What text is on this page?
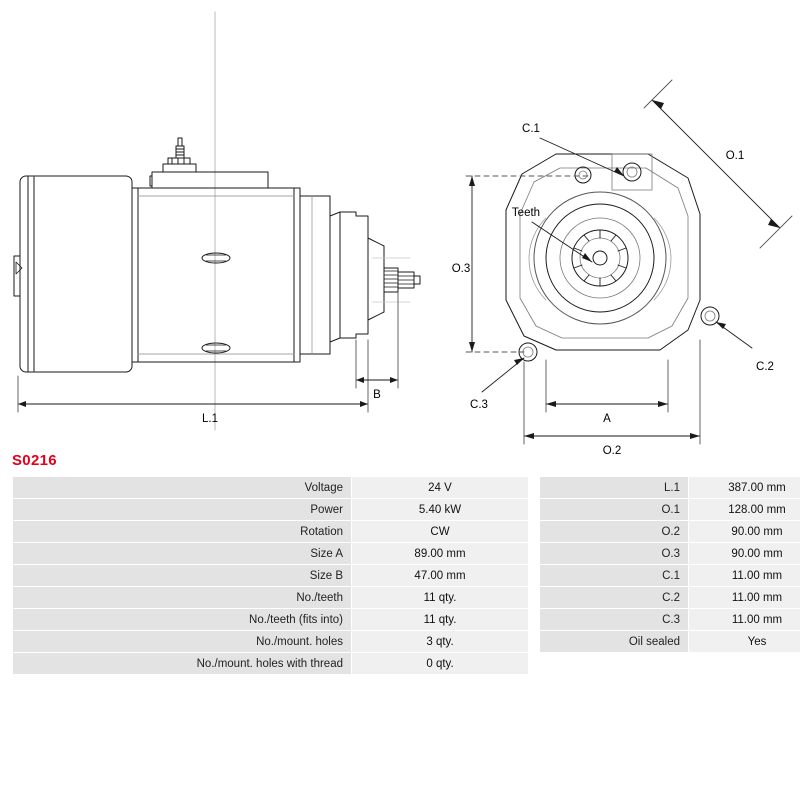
L.1
B
A
O.2
O.3
O.1
C.1
C.2
C.3
Teeth
S0216
Voltage	24 V
Power	5.40 kW
Rotation	CW
Size A	89.00 mm
Size B	47.00 mm
No./teeth	11 qty.
No./teeth (fits into)	11 qty.
No./mount. holes	3 qty.
No./mount. holes with thread	0 qty.
L.1	387.00 mm
O.1	128.00 mm
O.2	90.00 mm
O.3	90.00 mm
C.1	11.00 mm
C.2	11.00 mm
C.3	11.00 mm
Oil sealed	Yes
